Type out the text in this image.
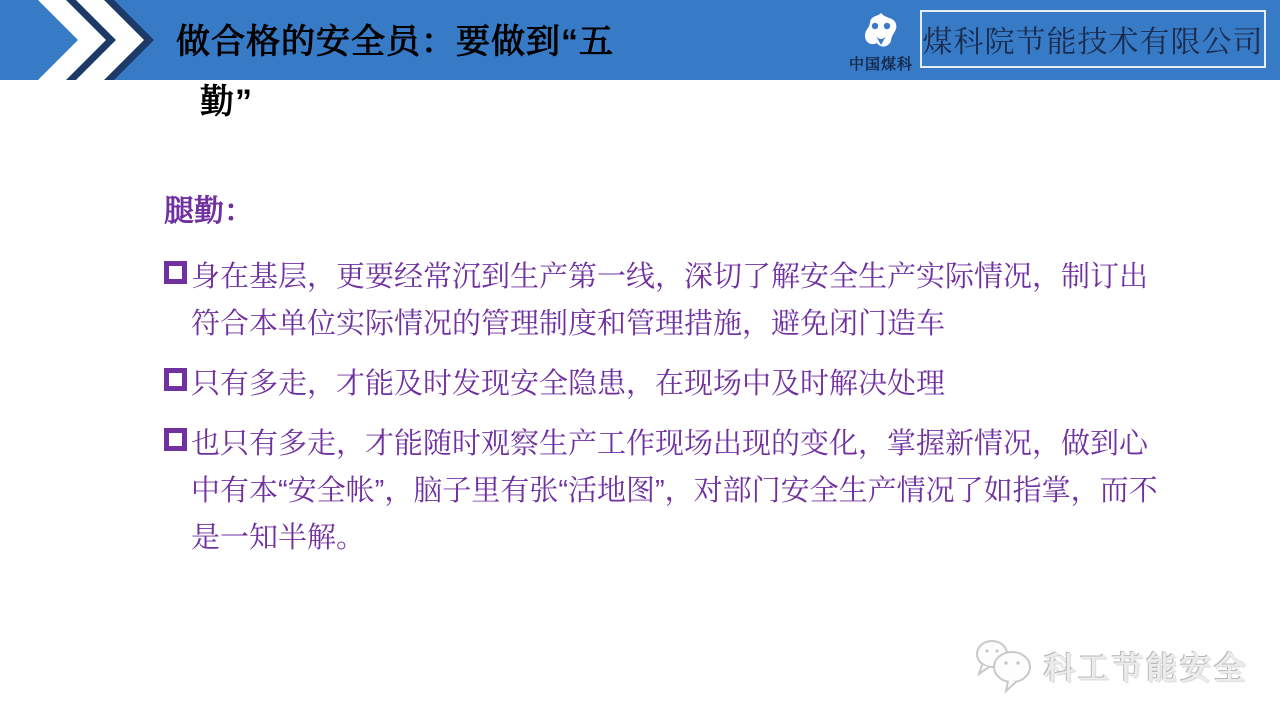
中国煤科
煤科院节能技术有限公司
做合格的安全员：要做到“五
勤”

腿勤：

身在基层，更要经常沉到生产第一线，深切了解安全生产实际情况，制订出符合本单位实际情况的管理制度和管理措施，避免闭门造车

只有多走，才能及时发现安全隐患，在现场中及时解决处理

也只有多走，才能随时观察生产工作现场出现的变化，掌握新情况，做到心中有本“安全帐”，脑子里有张“活地图”，对部门安全生产情况了如指掌，而不是一知半解。

科工节能安全
